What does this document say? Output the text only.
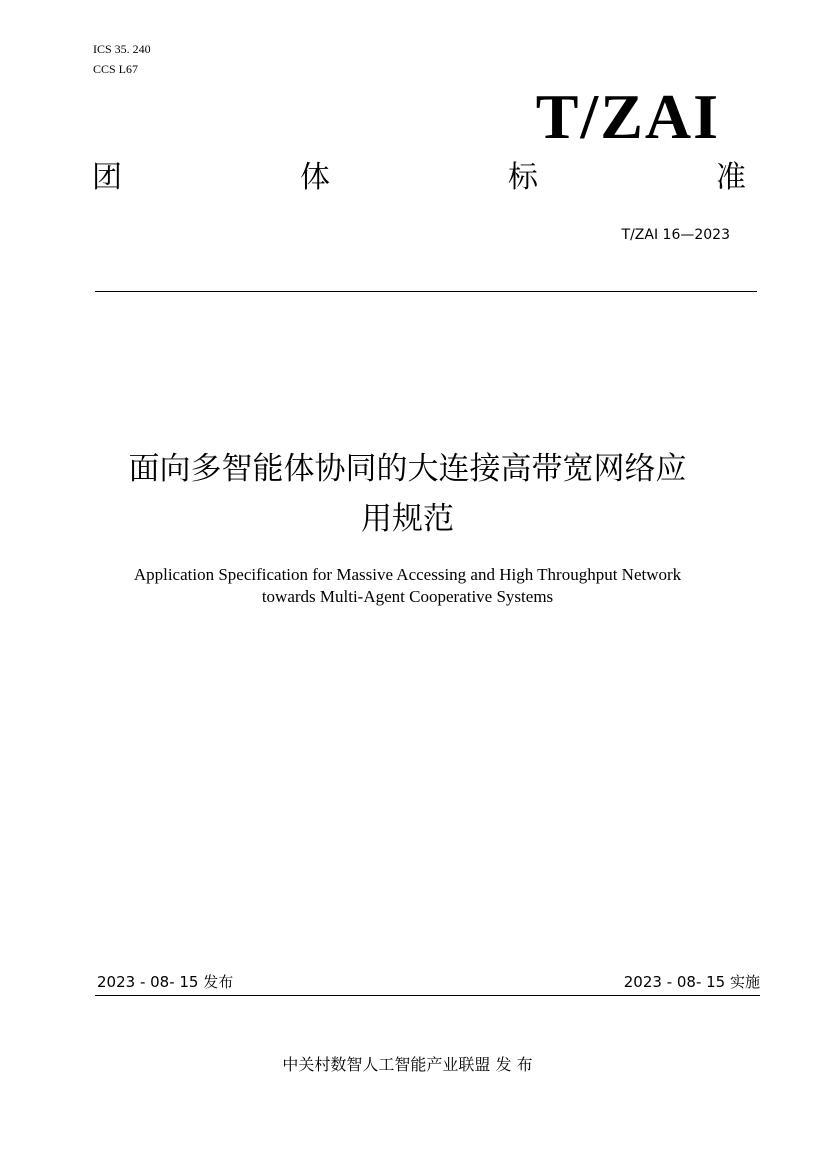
ICS 35. 240
CCS L67
T/ZAI
团	体	标	准
T/ZAI 16—2023
面向多智能体协同的大连接高带宽网络应
用规范
Application Specification for Massive Accessing and High Throughput Network
towards Multi-Agent Cooperative Systems
2023 - 08- 15 发布	2023 - 08- 15 实施
中关村数智人工智能产业联盟 发 布
